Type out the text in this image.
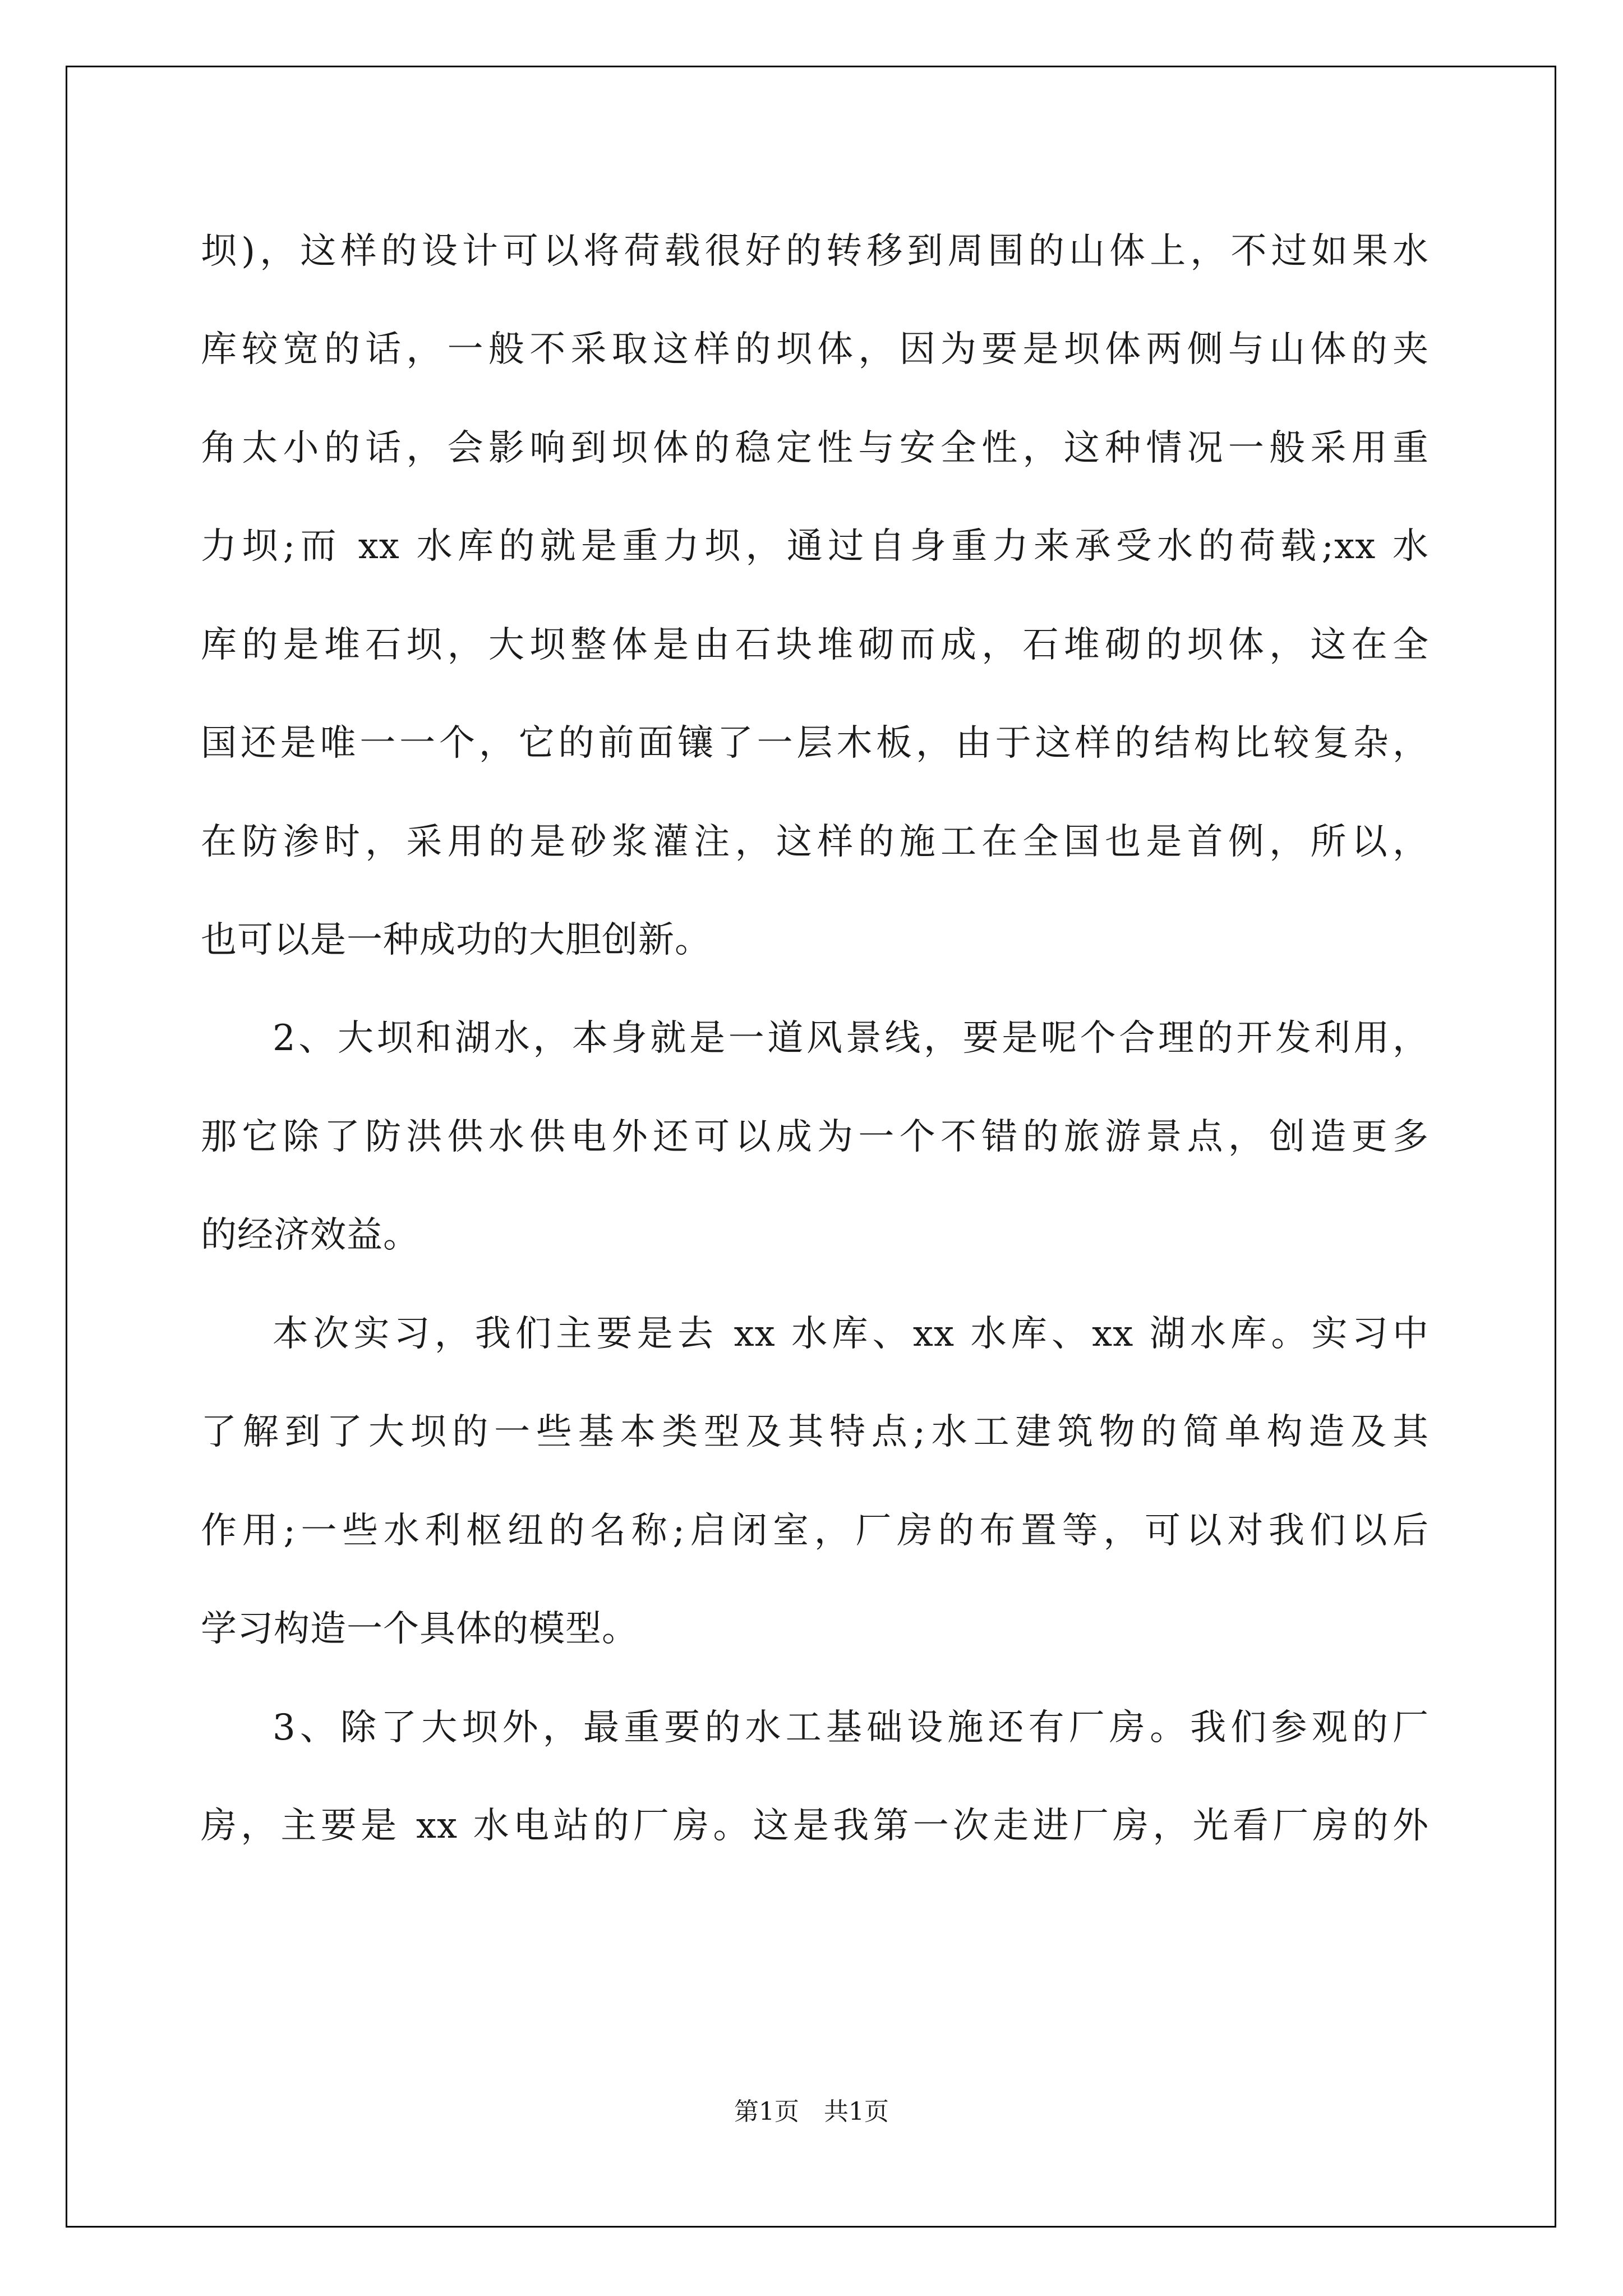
坝)，这样的设计可以将荷载很好的转移到周围的山体上，不过如果水
库较宽的话，一般不采取这样的坝体，因为要是坝体两侧与山体的夹
角太小的话，会影响到坝体的稳定性与安全性，这种情况一般采用重
力坝;而 xx 水库的就是重力坝，通过自身重力来承受水的荷载;xx 水
库的是堆石坝，大坝整体是由石块堆砌而成，石堆砌的坝体，这在全
国还是唯一一个，它的前面镶了一层木板，由于这样的结构比较复杂，
在防渗时，采用的是砂浆灌注，这样的施工在全国也是首例，所以，
也可以是一种成功的大胆创新。
2、大坝和湖水，本身就是一道风景线，要是呢个合理的开发利用，
那它除了防洪供水供电外还可以成为一个不错的旅游景点，创造更多
的经济效益。
本次实习，我们主要是去 xx 水库、xx 水库、xx 湖水库。实习中
了解到了大坝的一些基本类型及其特点;水工建筑物的简单构造及其
作用;一些水利枢纽的名称;启闭室，厂房的布置等，可以对我们以后
学习构造一个具体的模型。
3、除了大坝外，最重要的水工基础设施还有厂房。我们参观的厂
房，主要是 xx 水电站的厂房。这是我第一次走进厂房，光看厂房的外
第1页　共1页
